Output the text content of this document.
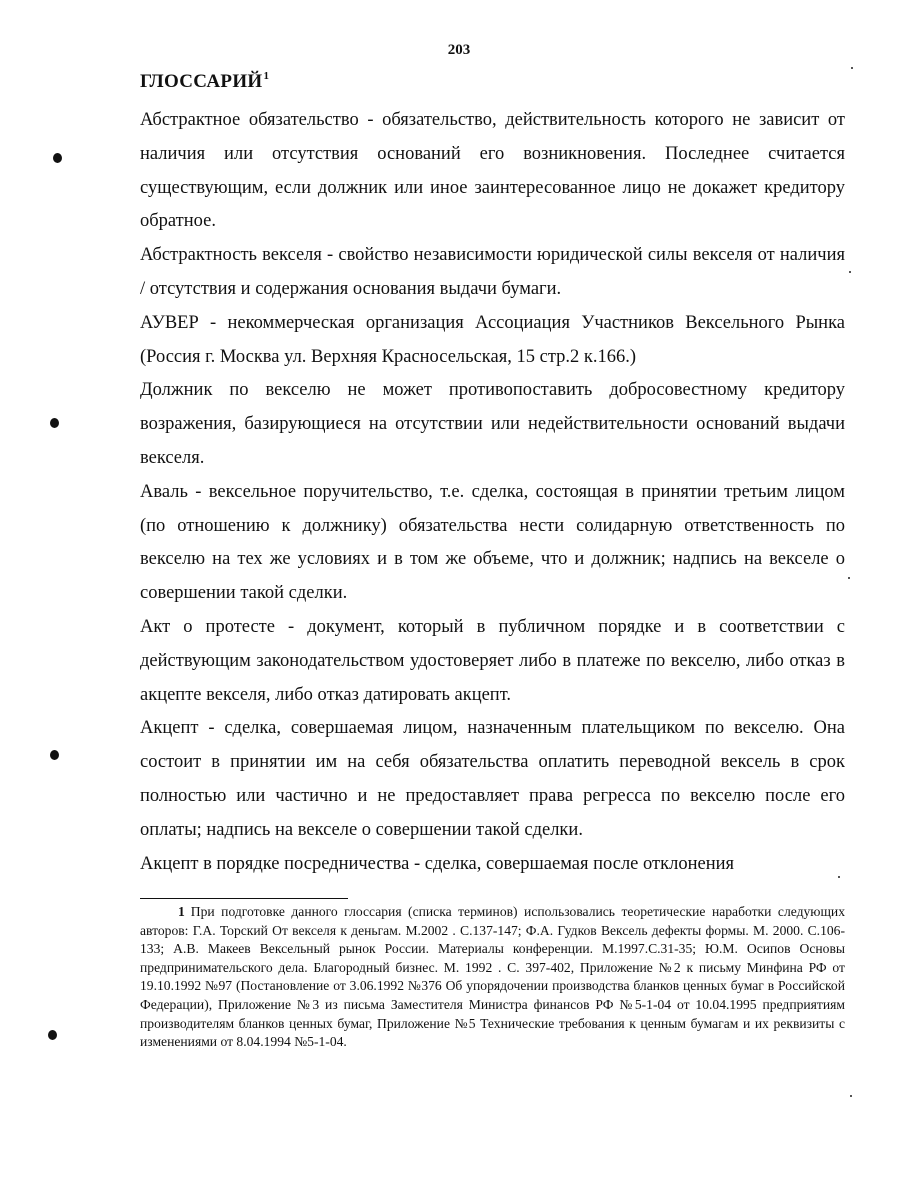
203
ГЛОССАРИЙ$^1$

Абстрактное обязательство - обязательство, действительность которого не зависит от наличия или отсутствия оснований его возникновения. Последнее считается существующим, если должник или иное заинтересованное лицо не докажет кредитору обратное.

Абстрактность векселя - свойство независимости юридической силы векселя от наличия / отсутствия и содержания основания выдачи бумаги.

АУВЕР - некоммерческая организация Ассоциация Участников Вексельного Рынка (Россия г. Москва ул. Верхняя Красносельская, 15 стр.2 к.166.)

Должник по векселю не может противопоставить добросовестному кредитору возражения, базирующиеся на отсутствии или недействительности оснований выдачи векселя.

Аваль - вексельное поручительство, т.е. сделка, состоящая в принятии третьим лицом (по отношению к должнику) обязательства нести солидарную ответственность по векселю на тех же условиях и в том же объеме, что и должник; надпись на векселе о совершении такой сделки.

Акт о протесте - документ, который в публичном порядке и в соответствии с действующим законодательством удостоверяет либо в платеже по векселю, либо отказ в акцепте векселя, либо отказ датировать акцепт.

Акцепт - сделка, совершаемая лицом, назначенным плательщиком по векселю. Она состоит в принятии им на себя обязательства оплатить переводной вексель в срок полностью или частично и не предоставляет права регресса по векселю после его оплаты; надпись на векселе о совершении такой сделки.

Акцепт в порядке посредничества - сделка, совершаемая после отклонения

1 При подготовке данного глоссария (списка терминов) использовались теоретические наработки следующих авторов: Г.А. Торский От векселя к деньгам. М.2002 . С.137-147; Ф.А. Гудков Вексель дефекты формы. М. 2000. С.106-133; А.В. Макеев Вексельный рынок России. Материалы конференции. М.1997.С.31-35; Ю.М. Осипов Основы предпринимательского дела. Благородный бизнес. М. 1992 . С. 397-402, Приложение №2 к письму Минфина РФ от 19.10.1992 №97 (Постановление от 3.06.1992 №376 Об упорядочении производства бланков ценных бумаг в Российской Федерации), Приложение №3 из письма Заместителя Министра финансов РФ №5-1-04 от 10.04.1995 предприятиям производителям бланков ценных бумаг, Приложение №5 Технические требования к ценным бумагам и их реквизиты с изменениями от 8.04.1994 №5-1-04.
